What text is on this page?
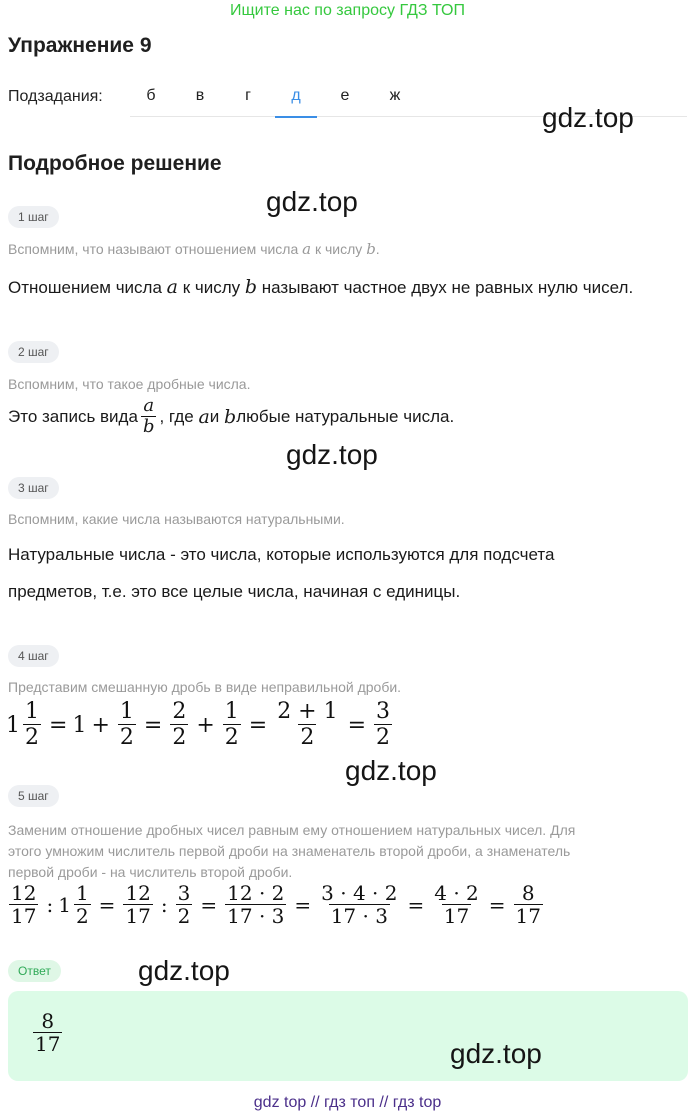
Ищите нас по запросу ГДЗ ТОП
Упражнение 9
Подзадания:	б	в	г	д	е	ж
gdz.top
Подробное решение
gdz.top
1 шаг
Вспомним, что называют отношением числа a к числу b.
Отношением числа a к числу b называют частное двух не равных нулю чисел.
2 шаг
Вспомним, что такое дробные числа.
Это запись вида $\frac{a}{b}$ , где
a и
b любые натуральные числа.
gdz.top
3 шаг
Вспомним, какие числа называются натуральными.
Натуральные числа - это числа, которые используются для подсчета
предметов, т.е. это все целые числа, начиная с единицы.
4 шаг
Представим смешанную дробь в виде неправильной дроби.
$1 \frac{1}{2} = 1 + \frac{1}{2} = \frac{2}{2} + \frac{1}{2} = \frac{2 + 1}{2} = \frac{3}{2}$
gdz.top
5 шаг
Заменим отношение дробных чисел равным ему отношением натуральных чисел. Для
этого умножим числитель первой дроби на знаменатель второй дроби, а знаменатель
первой дроби - на числитель второй дроби.
$\frac{12}{17}$ : $1 \frac{1}{2} = \frac{12}{17}$ : $\frac{3}{2} = \frac{12 \cdot 2}{17 \cdot 3} = \frac{3 \cdot 4 \cdot 2}{17 \cdot 3} = \frac{4 \cdot 2}{17} = \frac{8}{17}$
Ответ	gdz.top
$\frac{8}{17}$	gdz.top
gdz top // гдз топ // гдз top
